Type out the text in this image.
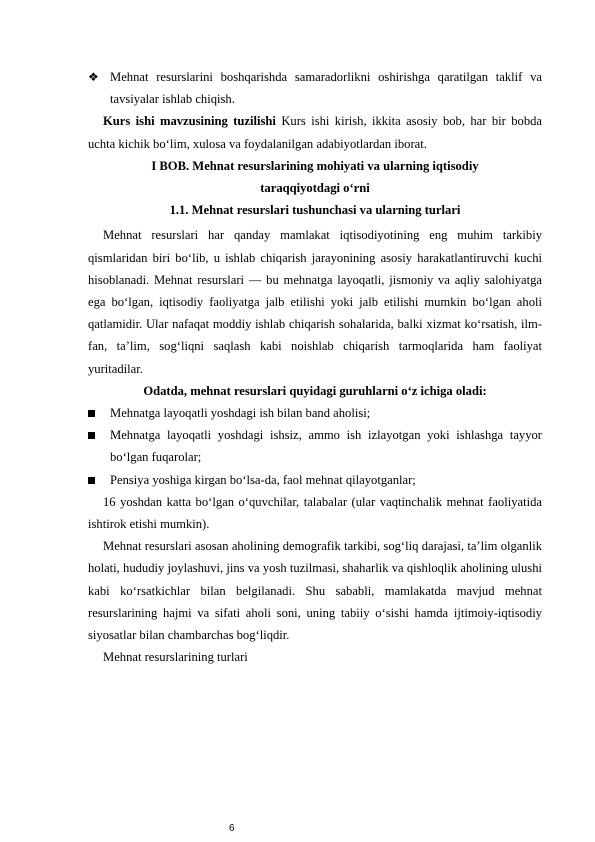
❖ Mehnat resurslarini boshqarishda samaradorlikni oshirishga qaratilgan taklif va tavsiyalar ishlab chiqish.

Kurs ishi mavzusining tuzilishi Kurs ishi kirish, ikkita asosiy bob, har bir bobda uchta kichik bo‘lim, xulosa va foydalanilgan adabiyotlardan iborat.

I BOB. Mehnat resurslarining mohiyati va ularning iqtisodiy taraqqiyotdagi o‘rni

1.1. Mehnat resurslari tushunchasi va ularning turlari

Mehnat resurslari har qanday mamlakat iqtisodiyotining eng muhim tarkibiy qismlaridan biri bo‘lib, u ishlab chiqarish jarayonining asosiy harakatlantiruvchi kuchi hisoblanadi. Mehnat resurslari — bu mehnatga layoqatli, jismoniy va aqliy salohiyatga ega bo‘lgan, iqtisodiy faoliyatga jalb etilishi yoki jalb etilishi mumkin bo‘lgan aholi qatlamidir. Ular nafaqat moddiy ishlab chiqarish sohalarida, balki xizmat ko‘rsatish, ilm-fan, ta’lim, sog‘liqni saqlash kabi noishlab chiqarish tarmoqlarida ham faoliyat yuritadilar.

Odatda, mehnat resurslari quyidagi guruhlarni o‘z ichiga oladi:

Mehnatga layoqatli yoshdagi ish bilan band aholisi;

Mehnatga layoqatli yoshdagi ishsiz, ammo ish izlayotgan yoki ishlashga tayyor bo‘lgan fuqarolar;

Pensiya yoshiga kirgan bo‘lsa-da, faol mehnat qilayotganlar;

16 yoshdan katta bo‘lgan o‘quvchilar, talabalar (ular vaqtinchalik mehnat faoliyatida ishtirok etishi mumkin).

Mehnat resurslari asosan aholining demografik tarkibi, sog‘liq darajasi, ta’lim olganlik holati, hududiy joylashuvi, jins va yosh tuzilmasi, shaharlik va qishloqlik aholining ulushi kabi ko‘rsatkichlar bilan belgilanadi. Shu sababli, mamlakatda mavjud mehnat resurslarining hajmi va sifati aholi soni, uning tabiiy o‘sishi hamda ijtimoiy-iqtisodiy siyosatlar bilan chambarchas bog‘liqdir.

Mehnat resurslarining turlari

6
